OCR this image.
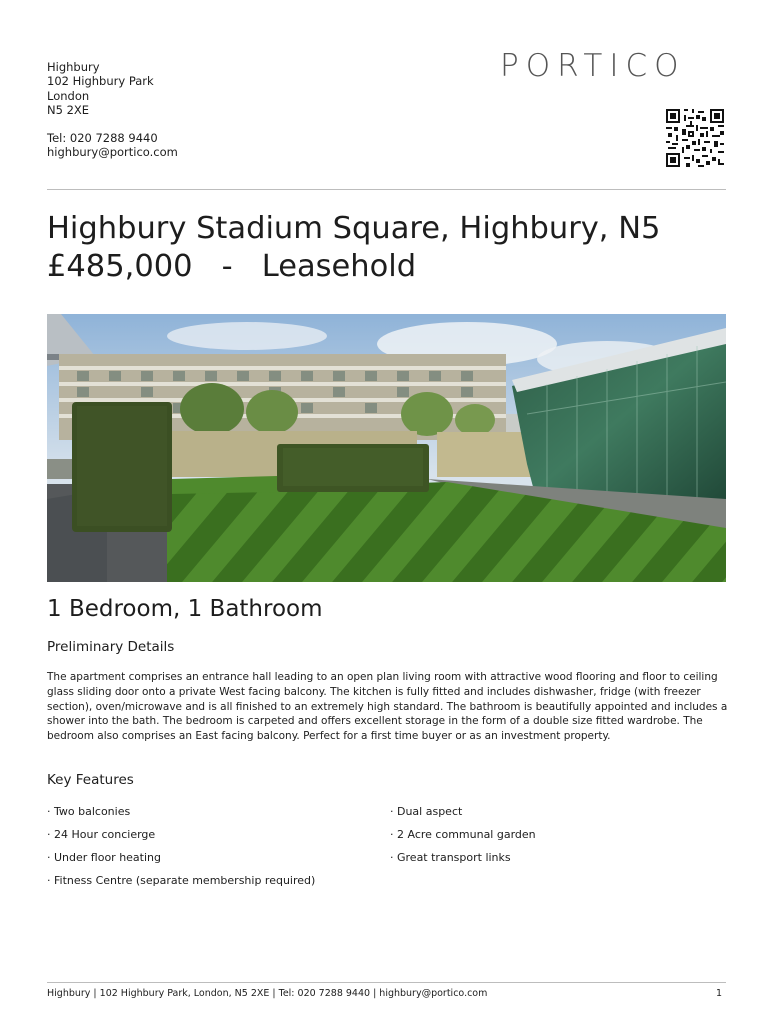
Highbury
102 Highbury Park
London
N5 2XE
Tel: 020 7288 9440
highbury@portico.com
PORTICO
Highbury Stadium Square, Highbury, N5
£485,000 - Leasehold
1 Bedroom, 1 Bathroom
Preliminary Details

The apartment comprises an entrance hall leading to an open plan living room with attractive wood flooring and floor to ceiling glass sliding door onto a private West facing balcony. The kitchen is fully fitted and includes dishwasher, fridge (with freezer section), oven/microwave and is all finished to an extremely high standard. The bathroom is beautifully appointed and includes a shower into the bath. The bedroom is carpeted and offers excellent storage in the form of a double size fitted wardrobe. The bedroom also comprises an East facing balcony. Perfect for a first time buyer or as an investment property.

Key Features
· Two balconies	· Dual aspect
· 24 Hour concierge	· 2 Acre communal garden
· Under floor heating	· Great transport links
· Fitness Centre (separate membership required)
Highbury | 102 Highbury Park, London, N5 2XE | Tel: 020 7288 9440 | highbury@portico.com	1
